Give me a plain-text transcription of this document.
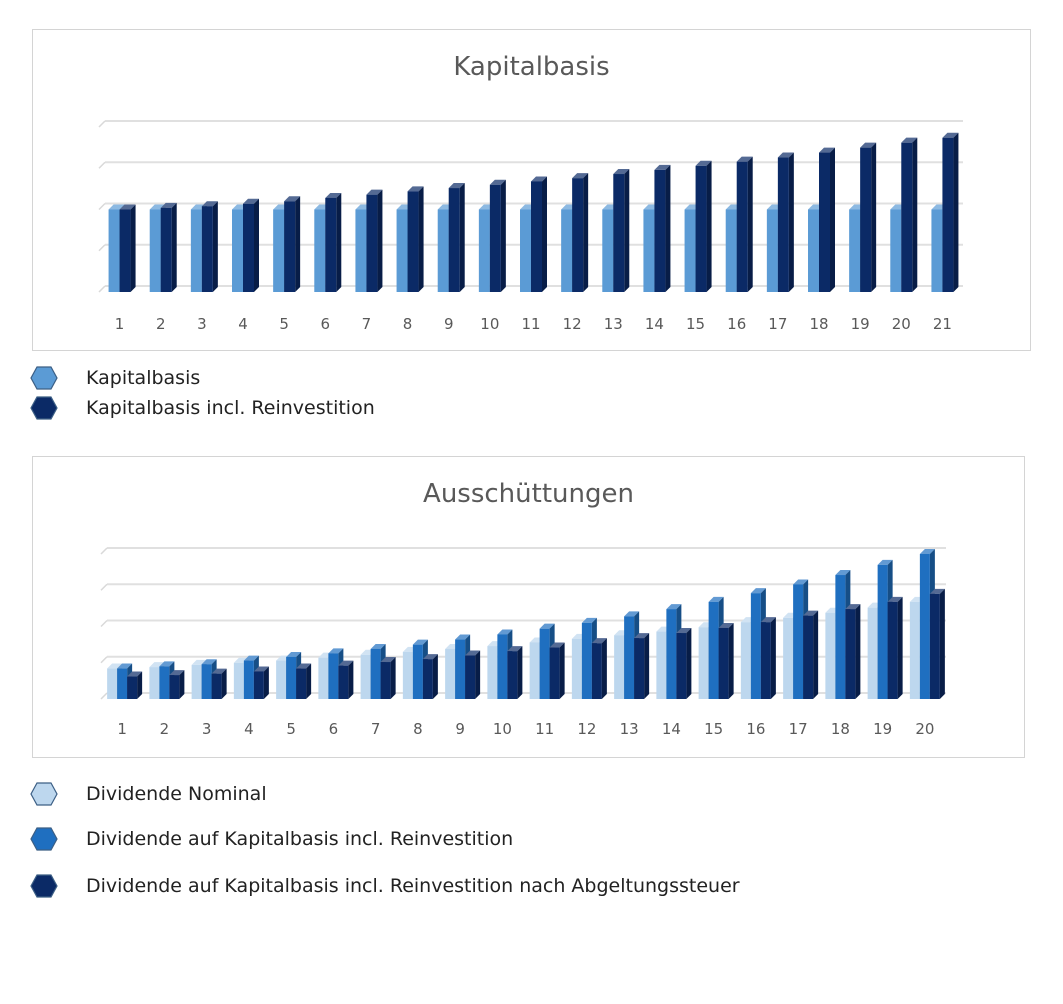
Kapitalbasis
1 2 3 4 5 6 7 8 9 10 11 12 13 14 15 16 17 18 19 20 21
Kapitalbasis
Kapitalbasis incl. Reinvestition
Ausschüttungen
1 2 3 4 5 6 7 8 9 10 11 12 13 14 15 16 17 18 19 20
Dividende Nominal
Dividende auf Kapitalbasis incl. Reinvestition
Dividende auf Kapitalbasis incl. Reinvestition nach Abgeltungssteuer
